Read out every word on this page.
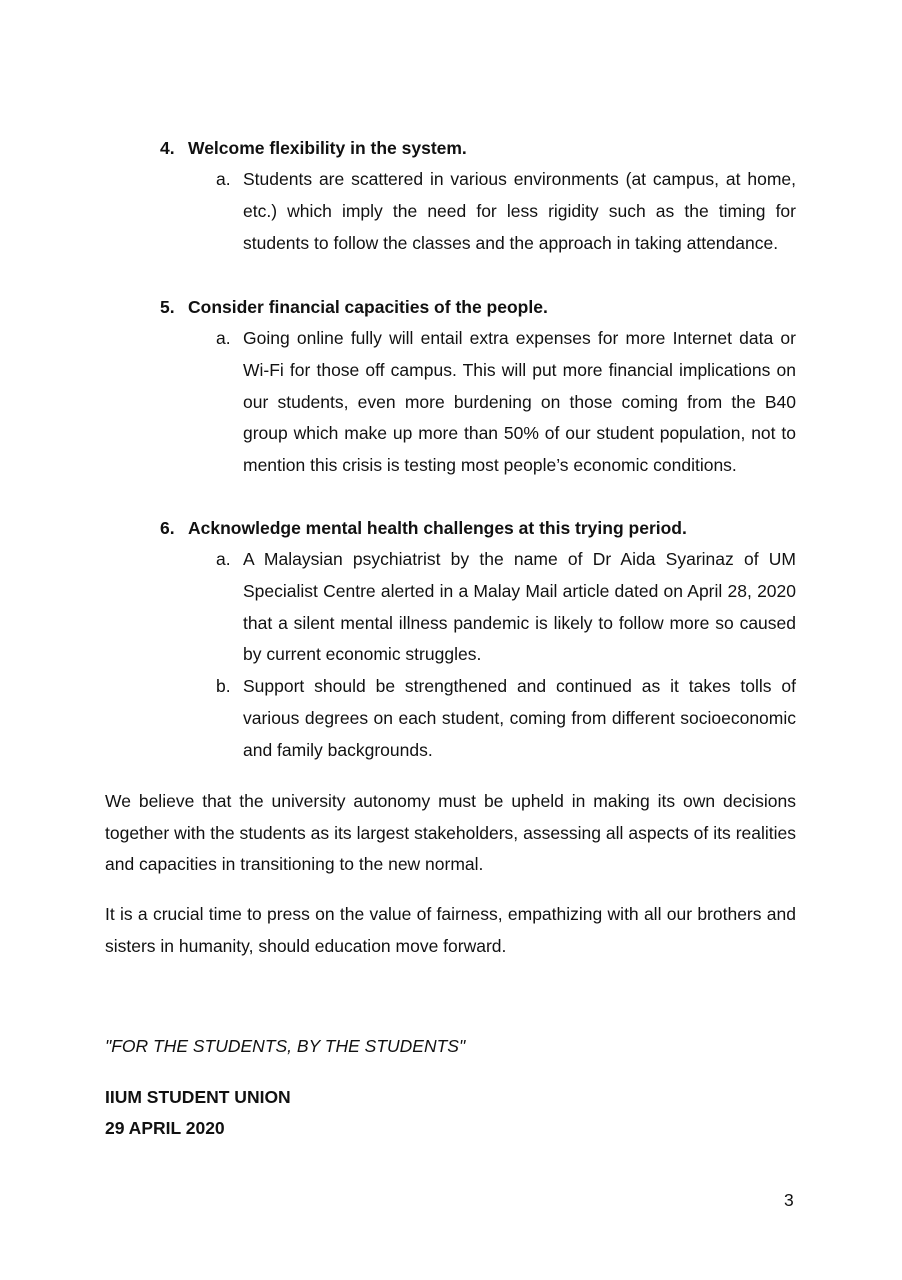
4. Welcome flexibility in the system.
a. Students are scattered in various environments (at campus, at home, etc.) which imply the need for less rigidity such as the timing for students to follow the classes and the approach in taking attendance.
5. Consider financial capacities of the people.
a. Going online fully will entail extra expenses for more Internet data or Wi-Fi for those off campus. This will put more financial implications on our students, even more burdening on those coming from the B40 group which make up more than 50% of our student population, not to mention this crisis is testing most people’s economic conditions.
6. Acknowledge mental health challenges at this trying period.
a. A Malaysian psychiatrist by the name of Dr Aida Syarinaz of UM Specialist Centre alerted in a Malay Mail article dated on April 28, 2020 that a silent mental illness pandemic is likely to follow more so caused by current economic struggles.
b. Support should be strengthened and continued as it takes tolls of various degrees on each student, coming from different socioeconomic and family backgrounds.
We believe that the university autonomy must be upheld in making its own decisions together with the students as its largest stakeholders, assessing all aspects of its realities and capacities in transitioning to the new normal.
It is a crucial time to press on the value of fairness, empathizing with all our brothers and sisters in humanity, should education move forward.
"FOR THE STUDENTS, BY THE STUDENTS"
IIUM STUDENT UNION
29 APRIL 2020
3
